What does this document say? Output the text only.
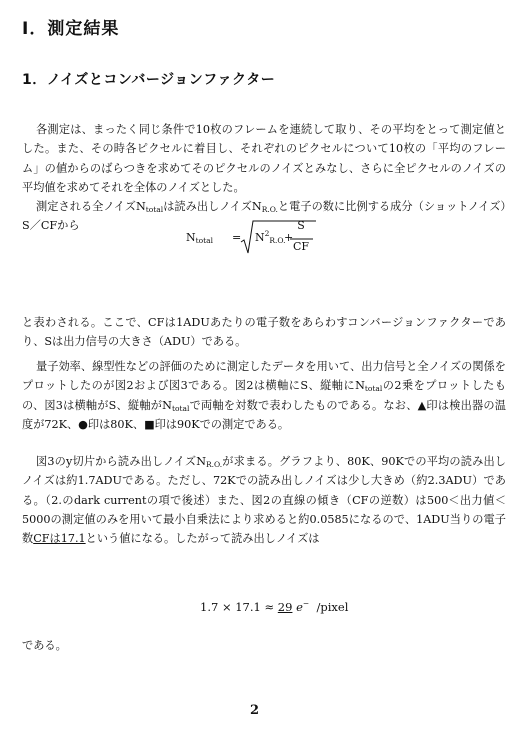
I．測定結果
1．ノイズとコンバージョンファクター
各測定は、まったく同じ条件で10枚のフレームを連続して取り、その平均をとって測定値とした。また、その時各ピクセルに着目し、それぞれのピクセルについて10枚の「平均のフレーム」の値からのばらつきを求めてそのピクセルのノイズとみなし、さらに全ピクセルのノイズの平均値を求めてそれを全体のノイズとした。
測定される全ノイズ$N_{total}$は読み出しノイズ$N_{R.O.}$と電子の数に比例する成分（ショットノイズ）S／CFから
$N_{total} = N^2_{R.O.}$
+
S
CF
と表わされる。ここで、CFは1ADUあたりの電子数をあらわすコンバージョンファクターであり、Sは出力信号の大きさ（ADU）である。
量子効率、線型性などの評価のために測定したデータを用いて、出力信号と全ノイズの関係をプロットしたのが図2および図3である。図2は横軸にS、縦軸に$N_{total}$の2乗をプロットしたもの、図3は横軸がS、縦軸が$N_{total}$で両軸を対数で表わしたものである。なお、▲印は検出器の温度が72K、●印は80K、■印は90Kでの測定である。
図3のy切片から読み出しノイズ$N_{R.O.}$が求まる。グラフより、80K、90Kでの平均の読み出しノイズは約1.7ADUである。ただし、72Kでの読み出しノイズは少し大きめ（約2.3ADU）である。（2.のdark currentの項で後述）また、図2の直線の傾き（CFの逆数）は500＜出力値＜5000の測定値のみを用いて最小自乗法により求めると約0.0585になるので、1ADU当りの電子数CFは17.1という値になる。したがって読み出しノイズは
1.7 × 17.1 ≈ 29 e− /pixel
である。
2
